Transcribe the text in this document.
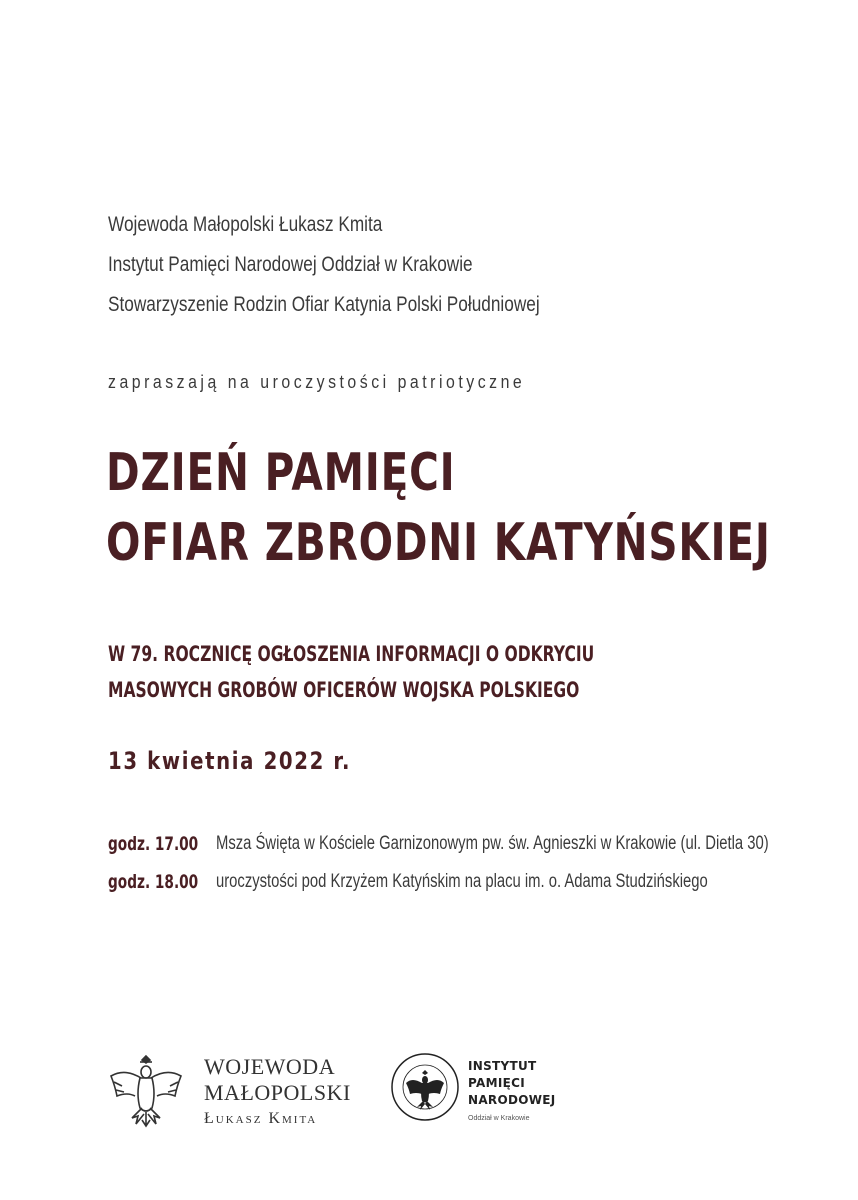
Wojewoda Małopolski Łukasz Kmita
Instytut Pamięci Narodowej Oddział w Krakowie
Stowarzyszenie Rodzin Ofiar Katynia Polski Południowej
zapraszają na uroczystości patriotyczne
DZIEŃ PAMIĘCI
OFIAR ZBRODNI KATYŃSKIEJ
W 79. ROCZNICĘ OGŁOSZENIA INFORMACJI O ODKRYCIU
MASOWYCH GROBÓW OFICERÓW WOJSKA POLSKIEGO
13 kwietnia 2022 r.
godz. 17.00 Msza Święta w Kościele Garnizonowym pw. św. Agnieszki w Krakowie (ul. Dietla 30)
godz. 18.00 uroczystości pod Krzyżem Katyńskim na placu im. o. Adama Studzińskiego
WOJEWODA
MAŁOPOLSKI
Łukasz Kmita
INSTYTUT
PAMIĘCI
NARODOWEJ
Oddział w Krakowie
